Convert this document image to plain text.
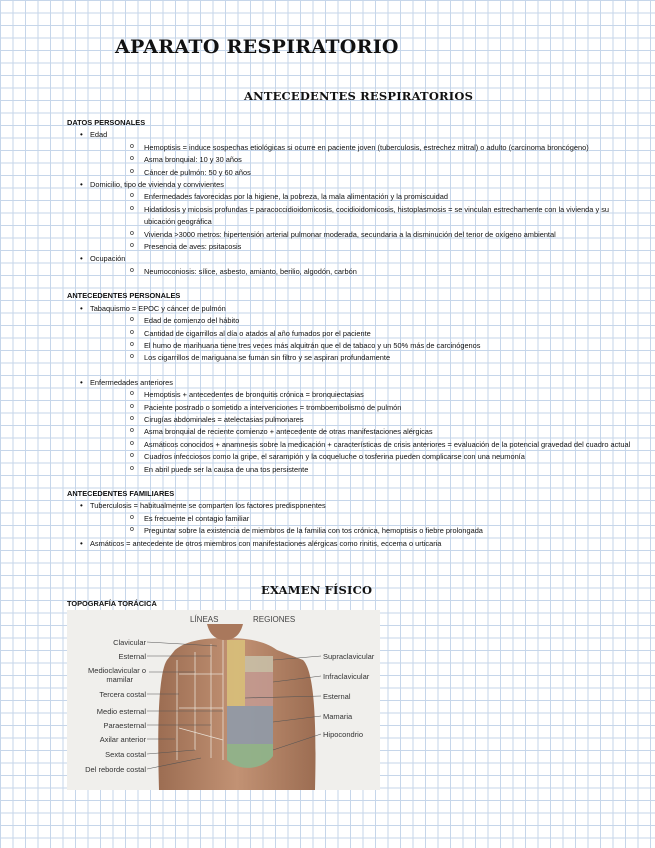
APARATO RESPIRATORIO
ANTECEDENTES RESPIRATORIOS

DATOS PERSONALES

• Edad
o Hemoptisis = induce sospechas etiológicas si ocurre en paciente joven (tuberculosis, estrechez mitral) o adulto (carcinoma broncógeno)
o Asma bronquial: 10 y 30 años
o Cáncer de pulmón: 50 y 60 años
• Domicilio, tipo de vivienda y convivientes
o Enfermedades favorecidas por la higiene, la pobreza, la mala alimentación y la promiscuidad
o Hidatidosis y micosis profundas = paracoccidioidomicosis, cocidioidomicosis, histoplasmosis = se vinculan estrechamente con la vivienda y su ubicación geográfica
o Vivienda >3000 metros: hipertensión arterial pulmonar moderada, secundaria a la disminución del tenor de oxígeno ambiental
o Presencia de aves: psitacosis
• Ocupación
o Neumoconiosis: sílice, asbesto, amianto, berilio, algodón, carbón

ANTECEDENTES PERSONALES

• Tabaquismo = EPOC y cáncer de pulmón
o Edad de comienzo del hábito
o Cantidad de cigarrillos al día o atados al año fumados por el paciente
o El humo de marihuana tiene tres veces más alquitrán que el de tabaco y un 50% más de carcinógenos
o Los cigarrillos de mariguana se fuman sin filtro y se aspiran profundamente
• Enfermedades anteriores
o Hemoptisis + antecedentes de bronquitis crónica = bronquiectasias
o Paciente postrado o sometido a intervenciones = tromboembolismo de pulmón
o Cirugías abdominales = atelectasias pulmonares
o Asma bronquial de reciente comienzo + antecedente de otras manifestaciones alérgicas
o Asmáticos conocidos + anamnesis sobre la medicación + características de crisis anteriores = evaluación de la potencial gravedad del cuadro actual
o Cuadros infecciosos como la gripe, el sarampión y la coqueluche o tosferina pueden complicarse con una neumonía
o En abril puede ser la causa de una tos persistente

ANTECEDENTES FAMILIARES

• Tuberculosis = habitualmente se comparten los factores predisponentes
o Es frecuente el contagio familiar
o Preguntar sobre la existencia de miembros de la familia con tos crónica, hemoptisis o fiebre prolongada
• Asmáticos = antecedente de otros miembros con manifestaciones alérgicas como rinitis, eccema o urticaria
EXAMEN FÍSICO
TOPOGRAFÍA TORÁCICA
LÍNEAS	REGIONES
Clavicular
Esternal
Medioclavicular o
mamilar
Tercera costal
Medio esternal
Paraesternal
Axilar anterior
Sexta costal
Del reborde costal
Supraclavicular
Infraclavicular
Esternal
Mamaria
Hipocondrio
